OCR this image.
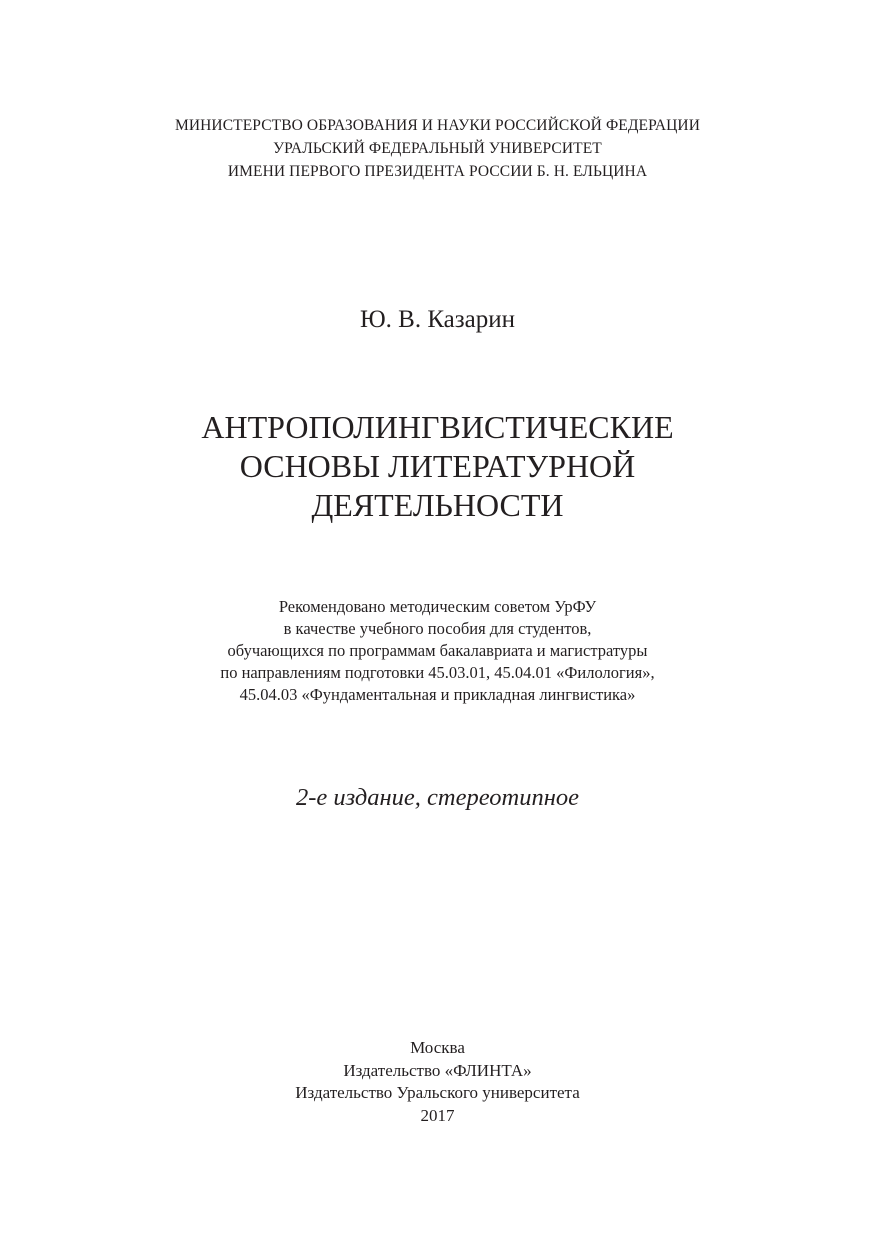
МИНИСТЕРСТВО ОБРАЗОВАНИЯ И НАУКИ РОССИЙСКОЙ ФЕДЕРАЦИИ
УРАЛЬСКИЙ ФЕДЕРАЛЬНЫЙ УНИВЕРСИТЕТ
ИМЕНИ ПЕРВОГО ПРЕЗИДЕНТА РОССИИ Б. Н. ЕЛЬЦИНА
Ю. В. Казарин
АНТРОПОЛИНГВИСТИЧЕСКИЕ
ОСНОВЫ ЛИТЕРАТУРНОЙ
ДЕЯТЕЛЬНОСТИ
Рекомендовано методическим советом УрФУ
в качестве учебного пособия для студентов,
обучающихся по программам бакалавриата и магистратуры
по направлениям подготовки 45.03.01, 45.04.01 «Филология»,
45.04.03 «Фундаментальная и прикладная лингвистика»
2-е издание, стереотипное
Москва
Издательство «ФЛИНТА»
Издательство Уральского университета
2017
